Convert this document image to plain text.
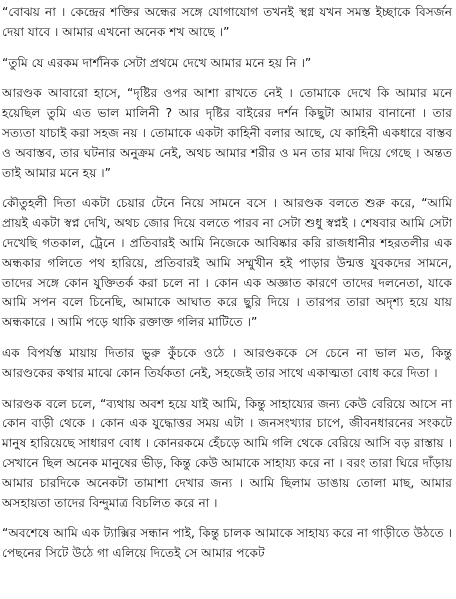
“বোঝয় না । কেন্দ্রের শক্তির অন্ধের সঙ্গে যোগাযোগ তখনই স্থগ্ন যখন সমস্ত ইচ্ছাকে বিসর্জন দেয়া যাবে । আমার এখনো অনেক শখ আছে ।”

“তুমি যে এরকম দার্শনিক সেটা প্রথমে দেখে আমার মনে হয় নি ।”

আরণ্ডক আবারো হাসে, “দৃষ্টির ওপর আশা রাখতে নেই । তোমাকে দেখে কি আমার মনে হয়েছিল তুমি এত ভাল মালিনী ? আর দৃষ্টির বাইরের দর্শন কিছুটা আমার বানানো । তার সত্যতা যাচাই করা সহজ নয় । তোমাকে একটা কাহিনী বলার আছে, যে কাহিনী একধারে বাস্তব ও অবাস্তব, তার ঘটনার অনুক্রম নেই, অথচ আমার শরীর ও মন তার মাঝ দিয়ে গেছে । অন্তত তাই আমার মনে হয় ।”

কৌতুহলী দিতা একটা চেয়ার টেনে নিয়ে সামনে বসে । আরণ্ডক বলতে শুরু করে, “আমি প্রায়ই একটা স্বপ্ন দেখি, অথচ জোর দিয়ে বলতে পারব না সেটা শুধু স্বপ্নই । শেষবার আমি সেটা দেখেছি গতকাল, ট্রেনে । প্রতিবারই আমি নিজেকে আবিষ্কার করি রাজধানীর শহরতলীর এক অন্ধকার গলিতে পথ হারিয়ে, প্রতিবারই আমি সম্মুখীন হই পাড়ার উন্মত্ত যুবকদের সামনে, তাদের সঙ্গে কোন যুক্তিতর্ক করা চলে না । কোন এক অজ্ঞাত কারণে তাদের দলনেতা, যাকে আমি সপন বলে চিনেছি, আমাকে আঘাত করে ছুরি দিয়ে । তারপর তারা অদৃশ্য হয়ে যায় অন্ধকারে । আমি পড়ে থাকি রক্তাক্ত গলির মাটিতে ।”

এক বিপর্যস্ত মায়ায় দিতার ভুরু কুঁচকে ওঠে । আরণ্ডককে সে চেনে না ভাল মত, কিন্তু আরণ্ডকের কথার মাঝে কোন তির্যকতা নেই, সহজেই তার সাথে একাত্মতা বোধ করে দিতা ।

আরণ্ডক বলে চলে, “ব্যথায় অবশ হয়ে যাই আমি, কিন্তু সাহায্যের জন্য কেউ বেরিয়ে আসে না কোন বাড়ী থেকে । কোন এক যুদ্ধোত্তর সময় এটা । জনসংখ্যার চাপে, জীবনধারনের সংকটে মানুষ হারিয়েছে সাধারণ বোধ । কোনরকমে হেঁচড়ে আমি গলি থেকে বেরিয়ে আসি বড় রাস্তায় । সেখানে ছিল অনেক মানুষের ভীড়, কিন্তু কেউ আমাকে সাহায্য করে না । বরং তারা ঘিরে দাঁড়ায় আমার চারদিকে অনেকটা তামাশা দেখার জন্য । আমি ছিলাম ডাঙায় তোলা মাছ, আমার অসহায়তা তাদের বিন্দুমাত্র বিচলিত করে না ।

“অবশেষে আমি এক ট্যাক্সির সন্ধান পাই, কিন্তু চালক আমাকে সাহায্য করে না গাড়ীতে উঠতে । পেছনের সিটে উঠে গা এলিয়ে দিতেই সে আমার পকেট
